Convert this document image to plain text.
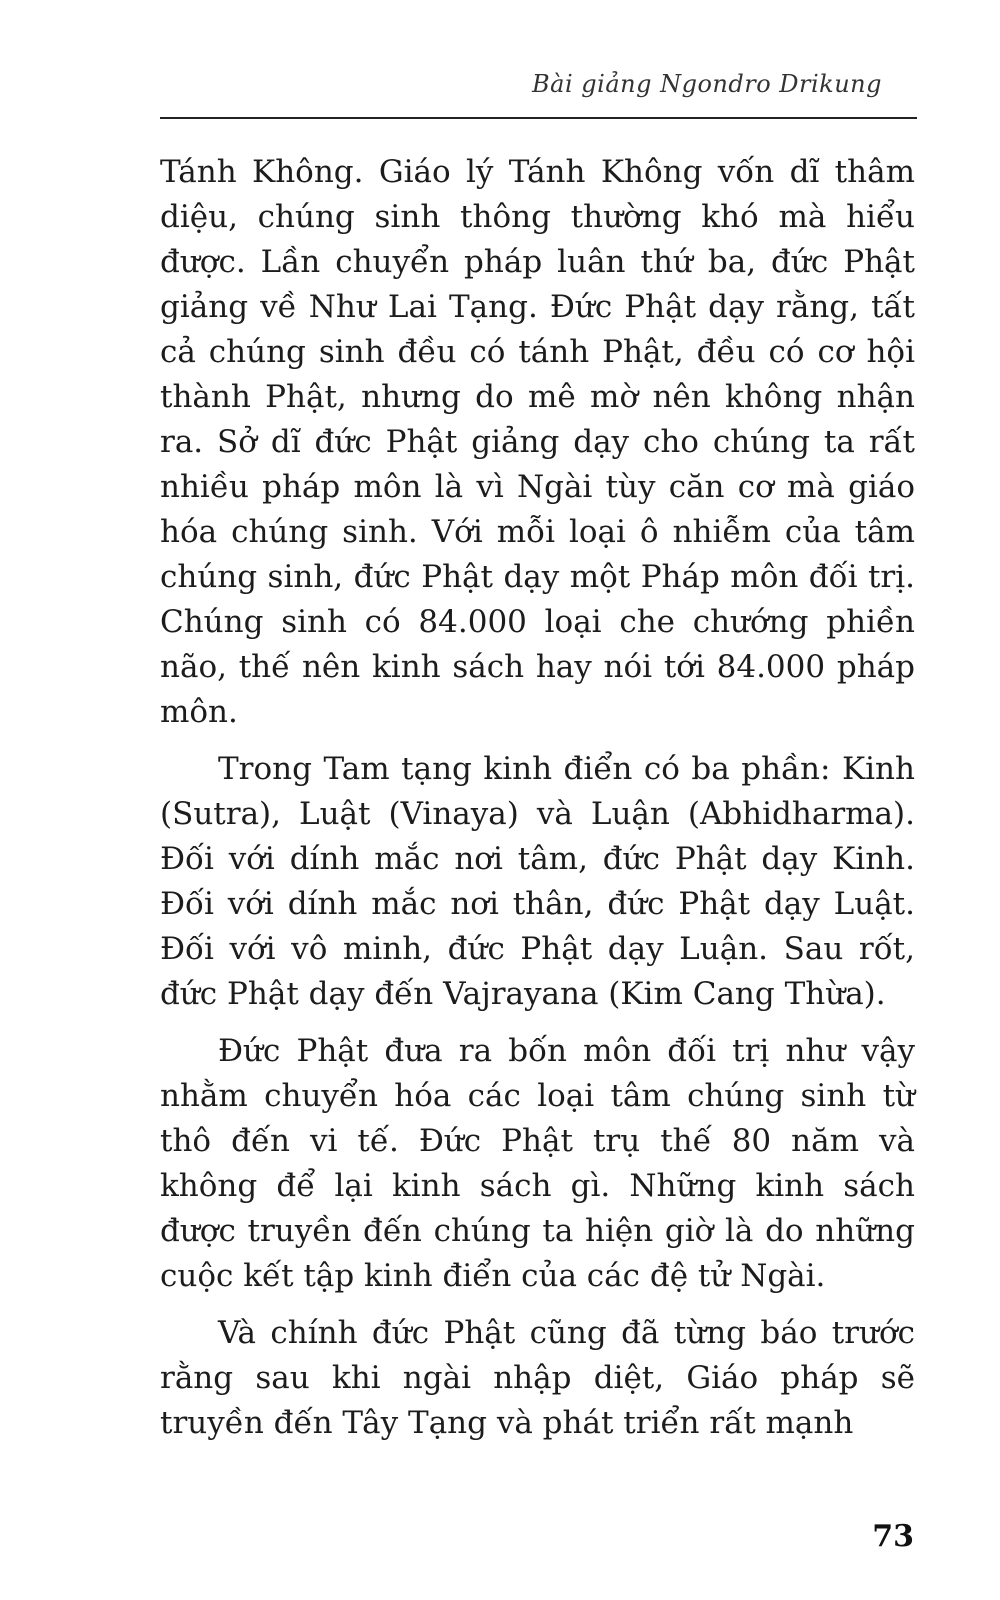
Bài giảng Ngondro Drikung

Tánh Không. Giáo lý Tánh Không vốn dĩ thâm diệu, chúng sinh thông thường khó mà hiểu được. Lần chuyển pháp luân thứ ba, đức Phật giảng về Như Lai Tạng. Đức Phật dạy rằng, tất cả chúng sinh đều có tánh Phật, đều có cơ hội thành Phật, nhưng do mê mờ nên không nhận ra. Sở dĩ đức Phật giảng dạy cho chúng ta rất nhiều pháp môn là vì Ngài tùy căn cơ mà giáo hóa chúng sinh. Với mỗi loại ô nhiễm của tâm chúng sinh, đức Phật dạy một Pháp môn đối trị. Chúng sinh có 84.000 loại che chướng phiền não, thế nên kinh sách hay nói tới 84.000 pháp môn.

Trong Tam tạng kinh điển có ba phần: Kinh (Sutra), Luật (Vinaya) và Luận (Abhidharma). Đối với dính mắc nơi tâm, đức Phật dạy Kinh. Đối với dính mắc nơi thân, đức Phật dạy Luật. Đối với vô minh, đức Phật dạy Luận. Sau rốt, đức Phật dạy đến Vajrayana (Kim Cang Thừa).

Đức Phật đưa ra bốn môn đối trị như vậy nhằm chuyển hóa các loại tâm chúng sinh từ thô đến vi tế. Đức Phật trụ thế 80 năm và không để lại kinh sách gì. Những kinh sách được truyền đến chúng ta hiện giờ là do những cuộc kết tập kinh điển của các đệ tử Ngài.

Và chính đức Phật cũng đã từng báo trước rằng sau khi ngài nhập diệt, Giáo pháp sẽ truyền đến Tây Tạng và phát triển rất mạnh

73
